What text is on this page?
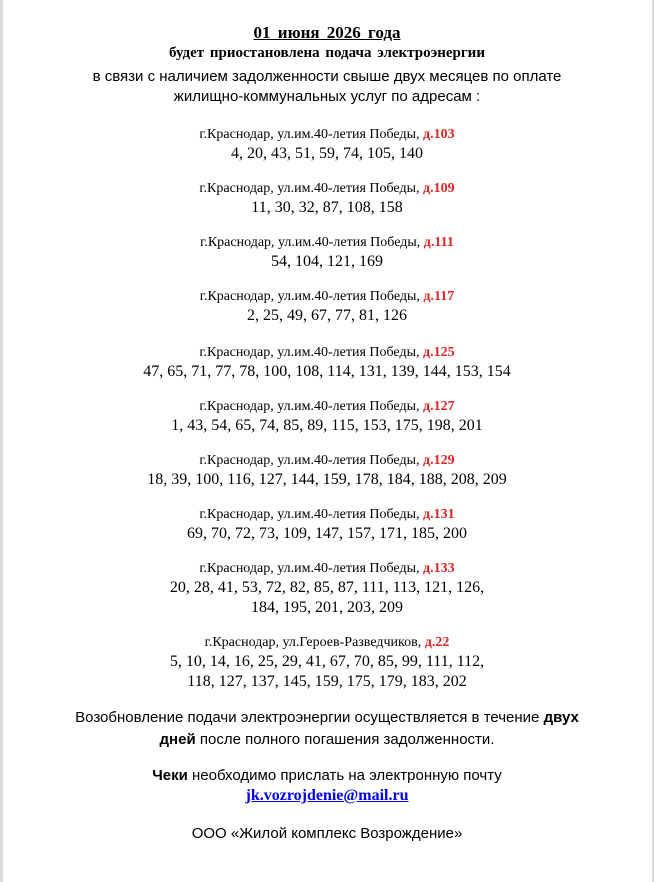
01 июня 2026 года
будет приостановлена подача электроэнергии
в связи с наличием задолженности свыше двух месяцев по оплате
жилищно-коммунальных услуг по адресам :
г.Краснодар, ул.им.40-летия Победы, д.103
4, 20, 43, 51, 59, 74, 105, 140
г.Краснодар, ул.им.40-летия Победы, д.109
11, 30, 32, 87, 108, 158
г.Краснодар, ул.им.40-летия Победы, д.111
54, 104, 121, 169
г.Краснодар, ул.им.40-летия Победы, д.117
2, 25, 49, 67, 77, 81, 126
г.Краснодар, ул.им.40-летия Победы, д.125
47, 65, 71, 77, 78, 100, 108, 114, 131, 139, 144, 153, 154
г.Краснодар, ул.им.40-летия Победы, д.127
1, 43, 54, 65, 74, 85, 89, 115, 153, 175, 198, 201
г.Краснодар, ул.им.40-летия Победы, д.129
18, 39, 100, 116, 127, 144, 159, 178, 184, 188, 208, 209
г.Краснодар, ул.им.40-летия Победы, д.131
69, 70, 72, 73, 109, 147, 157, 171, 185, 200
г.Краснодар, ул.им.40-летия Победы, д.133
20, 28, 41, 53, 72, 82, 85, 87, 111, 113, 121, 126,
184, 195, 201, 203, 209
г.Краснодар, ул.Героев-Разведчиков, д.22
5, 10, 14, 16, 25, 29, 41, 67, 70, 85, 99, 111, 112,
118, 127, 137, 145, 159, 175, 179, 183, 202
Возобновление подачи электроэнергии осуществляется в течение двух
дней после полного погашения задолженности.
Чеки необходимо прислать на электронную почту
jk.vozrojdenie@mail.ru
ООО «Жилой комплекс Возрождение»
